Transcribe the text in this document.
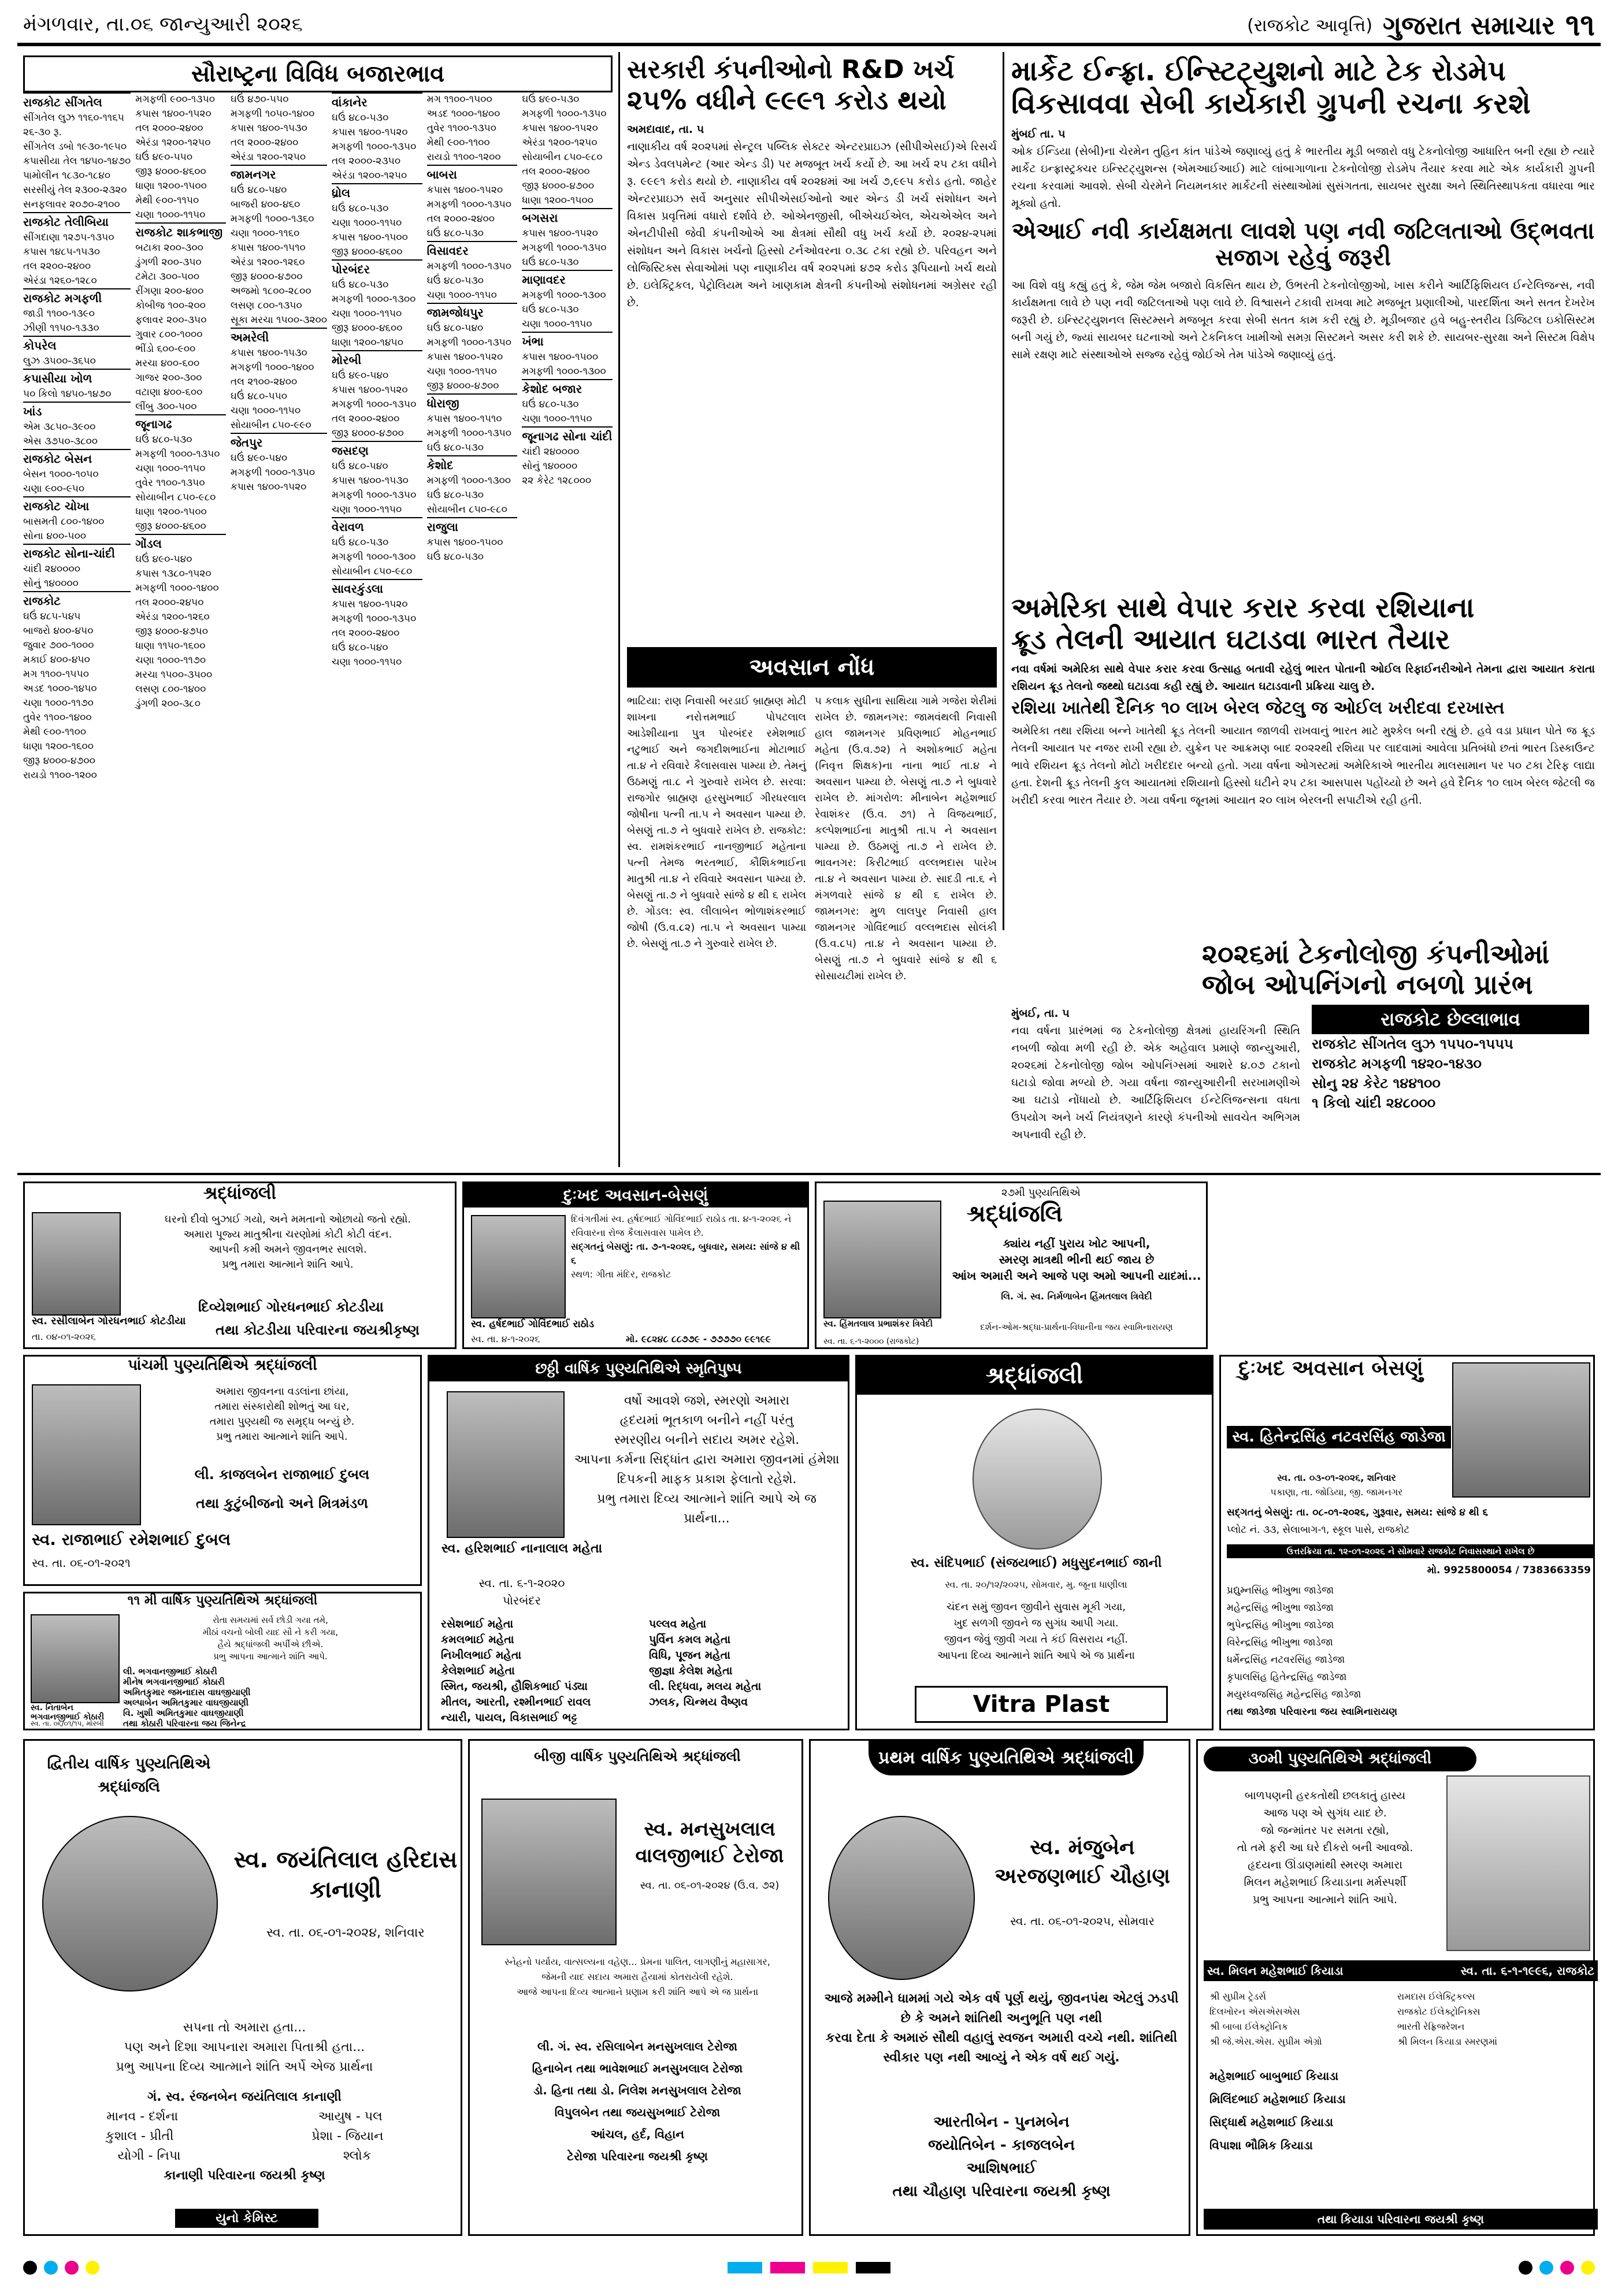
મંગળવાર, તા.૦૬ જાન્યુઆરી ૨૦૨૬	(રાજકોટ આવૃત્તિ) ગુજરાત સમાચાર ૧૧
સૌરાષ્ટ્રના વિવિધ બજારભાવ
રાજકોટ સીંગતેલ
સીંગતેલ લુઝ ૧૧૬૦-૧૧૬૫
૨૬-૩૦ રૂ.
સીંગતેલ ડબો ૧૯૩૦-૧૯૫૦
કપાસીયા તેલ ૧૪૫૦-૧૪૭૦
પામોલીન ૧૮૩૦-૧૮૪૦
સરસીયું તેલ ૨૩૦૦-૨૩૨૦
સનફલાવર ૨૦૭૦-૨૧૦૦
રાજકોટ તેલીબિયા
સીંગદાણા ૧૨૭૫-૧૩૫૦
કપાસ ૧૪૮૫-૧૫૩૦
તલ ૨૨૦૦-૨૪૦૦
એરંડા ૧૨૬૦-૧૨૮૦
રાજકોટ મગફળી
જાડી ૧૧૦૦-૧૩૯૦
ઝીણી ૧૧૫૦-૧૩૩૦
કોપરેલ
લુઝ ૩૫૦૦-૩૬૫૦
કપાસીયા ખોળ
૫૦ કિલો ૧૪૫૦-૧૪૭૦
ખાંડ
એમ ૩૮૫૦-૩૯૦૦
એસ ૩૭૫૦-૩૮૦૦
રાજકોટ બેસન
બેસન ૧૦૦૦-૧૦૫૦
ચણા ૯૦૦-૯૫૦
રાજકોટ ચોખા
બાસમતી ૮૦૦-૧૪૦૦
સોના ૪૦૦-૫૦૦
રાજકોટ સોના-ચાંદી
ચાંદી ૨૪૦૦૦૦
સોનું ૧૪૦૦૦૦
રાજકોટ
ઘઉં ૪૮૫-૫૪૫
બાજરો ૪૦૦-૪૫૦
જુવાર ૭૦૦-૧૦૦૦
મકાઈ ૪૦૦-૪૫૦
મગ ૧૧૦૦-૧૫૫૦
અડદ ૧૦૦૦-૧૪૫૦
ચણા ૧૦૦૦-૧૧૭૦
તુવેર ૧૧૦૦-૧૪૦૦
મેથી ૯૦૦-૧૧૦૦
ધાણા ૧૨૦૦-૧૬૦૦
જીરૂ ૪૦૦૦-૪૭૦૦
રાયડો ૧૧૦૦-૧૨૦૦
મગફળી ૯૦૦-૧૩૫૦
કપાસ ૧૪૦૦-૧૫૨૦
તલ ૨૦૦૦-૨૪૦૦
એરંડા ૧૨૦૦-૧૨૫૦
ઘઉં ૪૯૦-૫૫૦
જીરૂ ૪૦૦૦-૪૬૦૦
ધાણા ૧૨૦૦-૧૫૦૦
મેથી ૯૦૦-૧૧૫૦
ચણા ૧૦૦૦-૧૧૫૦
રાજકોટ શાકભાજી
બટાકા ૨૦૦-૩૦૦
ડુંગળી ૨૦૦-૩૫૦
ટમેટા ૩૦૦-૫૦૦
રીંગણા ૨૦૦-૪૦૦
કોબીજ ૧૦૦-૨૦૦
ફલાવર ૨૦૦-૩૫૦
ગુવાર ૮૦૦-૧૦૦૦
ભીંડો ૬૦૦-૯૦૦
મરચા ૪૦૦-૬૦૦
ગાજર ૨૦૦-૩૦૦
વટાણા ૪૦૦-૬૦૦
લીંબુ ૩૦૦-૫૦૦
જૂનાગઢ
ઘઉં ૪૮૦-૫૩૦
મગફળી ૧૦૦૦-૧૩૫૦
ચણા ૧૦૦૦-૧૧૫૦
તુવેર ૧૧૦૦-૧૩૫૦
સોયાબીન ૮૫૦-૯૮૦
ધાણા ૧૨૦૦-૧૫૦૦
જીરૂ ૪૦૦૦-૪૬૦૦
ગોંડલ
ઘઉં ૪૯૦-૫૪૦
કપાસ ૧૩૮૦-૧૫૨૦
મગફળી ૧૦૦૦-૧૪૦૦
તલ ૨૦૦૦-૨૪૫૦
એરંડા ૧૨૦૦-૧૨૬૦
જીરૂ ૪૦૦૦-૪૭૫૦
ધાણા ૧૧૫૦-૧૬૦૦
ચણા ૧૦૦૦-૧૧૭૦
મરચા ૧૫૦૦-૩૫૦૦
લસણ ૮૦૦-૧૪૦૦
ડુંગળી ૨૦૦-૩૮૦
ઘઉં ૪૭૦-૫૫૦
મગફળી ૧૦૫૦-૧૪૦૦
કપાસ ૧૪૦૦-૧૫૩૦
તલ ૨૦૦૦-૨૪૦૦
એરંડા ૧૨૦૦-૧૨૫૦
જામનગર
ઘઉં ૪૮૦-૫૪૦
બાજરી ૪૦૦-૪૬૦
મગફળી ૧૦૦૦-૧૩૬૦
ચણા ૧૦૦૦-૧૧૬૦
કપાસ ૧૪૦૦-૧૫૧૦
એરંડા ૧૨૦૦-૧૨૬૦
જીરૂ ૪૦૦૦-૪૭૦૦
અજમો ૧૮૦૦-૨૮૦૦
લસણ ૮૦૦-૧૩૫૦
સૂકા મરચા ૧૫૦૦-૩૨૦૦
અમરેલી
કપાસ ૧૪૦૦-૧૫૩૦
મગફળી ૧૦૦૦-૧૪૦૦
તલ ૨૧૦૦-૨૪૦૦
ઘઉં ૪૮૦-૫૫૦
ચણા ૧૦૦૦-૧૧૫૦
સોયાબીન ૮૫૦-૯૯૦
જેતપુર
ઘઉં ૪૯૦-૫૪૦
મગફળી ૧૦૦૦-૧૩૫૦
કપાસ ૧૪૦૦-૧૫૨૦
વાંકાનેર
ઘઉં ૪૮૦-૫૩૦
કપાસ ૧૪૦૦-૧૫૨૦
મગફળી ૧૦૦૦-૧૩૫૦
તલ ૨૦૦૦-૨૩૫૦
એરંડા ૧૨૦૦-૧૨૫૦
ધ્રોલ
ઘઉં ૪૮૦-૫૩૦
ચણા ૧૦૦૦-૧૧૫૦
કપાસ ૧૪૦૦-૧૫૦૦
જીરૂ ૪૦૦૦-૪૬૦૦
પોરબંદર
ઘઉં ૪૮૦-૫૩૦
મગફળી ૧૦૦૦-૧૩૦૦
ચણા ૧૦૦૦-૧૧૫૦
જીરૂ ૪૦૦૦-૪૬૦૦
ધાણા ૧૨૦૦-૧૪૫૦
મોરબી
ઘઉં ૪૯૦-૫૪૦
કપાસ ૧૪૦૦-૧૫૨૦
મગફળી ૧૦૦૦-૧૩૫૦
તલ ૨૦૦૦-૨૪૦૦
જીરૂ ૪૦૦૦-૪૭૦૦
જસદણ
ઘઉં ૪૮૦-૫૪૦
કપાસ ૧૪૦૦-૧૫૩૦
મગફળી ૧૦૦૦-૧૩૫૦
ચણા ૧૦૦૦-૧૧૫૦
વેરાવળ
ઘઉં ૪૮૦-૫૩૦
મગફળી ૧૦૦૦-૧૩૦૦
સોયાબીન ૮૫૦-૯૮૦
સાવરકુંડલા
કપાસ ૧૪૦૦-૧૫૨૦
મગફળી ૧૦૦૦-૧૩૫૦
તલ ૨૦૦૦-૨૪૦૦
ઘઉં ૪૮૦-૫૪૦
ચણા ૧૦૦૦-૧૧૫૦
મગ ૧૧૦૦-૧૫૦૦
અડદ ૧૦૦૦-૧૪૦૦
તુવેર ૧૧૦૦-૧૩૫૦
મેથી ૯૦૦-૧૧૦૦
રાયડો ૧૧૦૦-૧૨૦૦
બાબરા
કપાસ ૧૪૦૦-૧૫૨૦
મગફળી ૧૦૦૦-૧૩૫૦
તલ ૨૦૦૦-૨૪૦૦
ઘઉં ૪૮૦-૫૩૦
વિસાવદર
મગફળી ૧૦૦૦-૧૩૫૦
ઘઉં ૪૮૦-૫૩૦
ચણા ૧૦૦૦-૧૧૫૦
જામજોધપુર
ઘઉં ૪૮૦-૫૪૦
મગફળી ૧૦૦૦-૧૩૫૦
કપાસ ૧૪૦૦-૧૫૨૦
ચણા ૧૦૦૦-૧૧૫૦
જીરૂ ૪૦૦૦-૪૭૦૦
ધોરાજી
કપાસ ૧૪૦૦-૧૫૧૦
મગફળી ૧૦૦૦-૧૩૫૦
ઘઉં ૪૮૦-૫૩૦
કેશોદ
મગફળી ૧૦૦૦-૧૩૦૦
ઘઉં ૪૮૦-૫૩૦
સોયાબીન ૮૫૦-૯૮૦
રાજુલા
કપાસ ૧૪૦૦-૧૫૦૦
ઘઉં ૪૮૦-૫૩૦
ઘઉં ૪૯૦-૫૩૦
મગફળી ૧૦૦૦-૧૩૫૦
કપાસ ૧૪૦૦-૧૫૨૦
એરંડા ૧૨૦૦-૧૨૫૦
સોયાબીન ૮૫૦-૯૮૦
તલ ૨૦૦૦-૨૪૦૦
જીરૂ ૪૦૦૦-૪૭૦૦
ધાણા ૧૨૦૦-૧૫૦૦
બગસરા
કપાસ ૧૪૦૦-૧૫૨૦
મગફળી ૧૦૦૦-૧૩૫૦
ઘઉં ૪૮૦-૫૩૦
માણાવદર
મગફળી ૧૦૦૦-૧૩૦૦
ઘઉં ૪૮૦-૫૩૦
ચણા ૧૦૦૦-૧૧૫૦
ખંભા
કપાસ ૧૪૦૦-૧૫૦૦
મગફળી ૧૦૦૦-૧૩૦૦
કેશોદ બજાર
ઘઉં ૪૮૦-૫૩૦
ચણા ૧૦૦૦-૧૧૫૦
જૂનાગઢ સોના ચાંદી
ચાંદી ૨૪૦૦૦૦
સોનું ૧૪૦૦૦૦
૨૨ કેરેટ ૧૨૮૦૦૦
સરકારી કંપનીઓનો R&D ખર્ચ
૨૫% વધીને ૯૯૯૧ કરોડ થયો
અમદાવાદ, તા. ૫
નાણાકીય વર્ષ ૨૦૨૫માં સેન્ટ્રલ પબ્લિક સેક્ટર એન્ટરપ્રાઇઝ (સીપીએસઈ)એ રિસર્ચ એન્ડ ડેવલપમેન્ટ (આર એન્ડ ડી) પર મજબૂત ખર્ચ કર્યો છે. આ ખર્ચ ૨૫ ટકા વધીને રૂ. ૯૯૯૧ કરોડ થયો છે. નાણાકીય વર્ષ ૨૦૨૪માં આ ખર્ચ ૭,૯૯૫ કરોડ હતો. જાહેર એન્ટરપ્રાઇઝ સર્વે અનુસાર સીપીએસઈઓનો આર એન્ડ ડી ખર્ચ સંશોધન અને વિકાસ પ્રવૃત્તિમાં વધારો દર્શાવે છે. ઓએનજીસી, બીએચઈએલ, એચએએલ અને એનટીપીસી જેવી કંપનીઓએ આ ક્ષેત્રમાં સૌથી વધુ ખર્ચ કર્યો છે. ૨૦૨૪-૨૫માં સંશોધન અને વિકાસ ખર્ચનો હિસ્સો ટર્નઓવરના ૦.૩૮ ટકા રહ્યો છે. પરિવહન અને લોજિસ્ટિક્સ સેવાઓમાં પણ નાણાકીય વર્ષ ૨૦૨૫માં ૪૭૨ કરોડ રૂપિયાનો ખર્ચ થયો છે. ઇલેક્ટ્રિકલ, પેટ્રોલિયમ અને ખાણકામ ક્ષેત્રની કંપનીઓ સંશોધનમાં અગ્રેસર રહી છે.
માર્કેટ ઈન્ફ્રા. ઈન્સ્ટિટ્યુશનો માટે ટેક રોડમેપ
વિકસાવવા સેબી કાર્યકારી ગ્રુપની રચના કરશે
મુંબઈ તા. ૫
ઓક ઈન્ડિયા (સેબી)ના ચેરમેન તુહિન કાંત પાંડેએ જણાવ્યું હતું કે ભારતીય મૂડી બજારો વધુ ટેકનોલોજી આધારિત બની રહ્યા છે ત્યારે માર્કેટ ઇન્ફ્રાસ્ટ્રક્ચર ઇન્સ્ટિટ્યુશન્સ (એમઆઈઆઈ) માટે લાંબાગાળાના ટેકનોલોજી રોડમેપ તૈયાર કરવા માટે એક કાર્યકારી ગ્રુપની રચના કરવામાં આવશે. સેબી ચેરમેને નિયમનકાર માર્કેટની સંસ્થાઓમાં સુસંગતતા, સાયબર સુરક્ષા અને સ્થિતિસ્થાપકતા વધારવા ભાર મૂક્યો હતો.
એઆઈ નવી કાર્યક્ષમતા લાવશે પણ નવી જટિલતાઓ ઉદ્ભવતા સજાગ રહેવું જરૂરી
આ વિશે વધુ કહ્યું હતું કે, જેમ જેમ બજારો વિકસિત થાય છે, ઉભરતી ટેકનોલોજીઓ, ખાસ કરીને આર્ટિફિશિયલ ઈન્ટેલિજન્સ, નવી કાર્યક્ષમતા લાવે છે પણ નવી જટિલતાઓ પણ લાવે છે. વિશ્વાસને ટકાવી રાખવા માટે મજબૂત પ્રણાલીઓ, પારદર્શિતા અને સતત દેખરેખ જરૂરી છે. ઇન્સ્ટિટ્યુશનલ સિસ્ટમ્સને મજબૂત કરવા સેબી સતત કામ કરી રહ્યું છે. મૂડીબજાર હવે બહુ-સ્તરીય ડિજિટલ ઇકોસિસ્ટમ બની ગયું છે, જ્યાં સાયબર ઘટનાઓ અને ટેકનિકલ ખામીઓ સમગ્ર સિસ્ટમને અસર કરી શકે છે. સાયબર-સુરક્ષા અને સિસ્ટમ વિક્ષેપ સામે રક્ષણ માટે સંસ્થાઓએ સજ્જ રહેવું જોઈએ તેમ પાંડેએ જણાવ્યું હતું.
અવસાન નોંધ
ભાટિયા: રાણ નિવાસી બરડાઈ બ્રાહ્મણ મોટી શાખના નરોત્તમભાઈ પોપટલાલ આડેશીયાના પુત્ર પોરબંદર રમેશભાઈ નટુભાઈ અને જગદીશભાઈના મોટાભાઈ તા.૪ ને રવિવારે કૈલાસવાસ પામ્યા છે. તેમનું ઉઠમણું તા.૮ ને ગુરુવારે રાખેલ છે. સરવા: રાજગોર બ્રાહ્મણ હરસુખભાઈ ગીરધરલાલ જોષીના પત્ની તા.૫ ને અવસાન પામ્યા છે. બેસણું તા.૭ ને બુધવારે રાખેલ છે. રાજકોટ: સ્વ. રામશંકરભાઈ નાનજીભાઈ મહેતાના પત્ની તેમજ ભરતભાઈ, કૌશિકભાઈના માતુશ્રી તા.૪ ને રવિવારે અવસાન પામ્યા છે. બેસણું તા.૭ ને બુધવારે સાંજે ૪ થી ૬ રાખેલ છે. ગોંડલ: સ્વ. લીલાબેન ભોળાશંકરભાઈ જોષી (ઉ.વ.૮૨) તા.૫ ને અવસાન પામ્યા છે. બેસણું તા.૭ ને ગુરુવારે રાખેલ છે.
૫ કલાક સુધીના સાથિયા ગામે ગજેરા શેરીમાં રાખેલ છે. જામનગર: જામવંથલી નિવાસી હાલ જામનગર પ્રવિણભાઈ મોહનભાઈ મહેતા (ઉ.વ.૭૨) તે અશોકભાઈ મહેતા (નિવૃત્ત શિક્ષક)ના નાના ભાઈ તા.૪ ને અવસાન પામ્યા છે. બેસણું તા.૭ ને બુધવારે રાખેલ છે. માંગરોળ: મીનાબેન મહેશભાઈ રેવાશંકર (ઉ.વ. ૭૧) તે વિજયભાઈ, કલ્પેશભાઈના માતુશ્રી તા.૫ ને અવસાન પામ્યા છે. ઉઠમણું તા.૭ ને રાખેલ છે. ભાવનગર: કિરીટભાઈ વલ્લભદાસ પારેખ તા.૪ ને અવસાન પામ્યા છે. સાદડી તા.૬ ને મંગળવારે સાંજે ૪ થી ૬ રાખેલ છે. જામનગર: મુળ લાલપુર નિવાસી હાલ જામનગર ગોવિંદભાઈ વલ્લભદાસ સોલંકી (ઉ.વ.૮૫) તા.૪ ને અવસાન પામ્યા છે. બેસણું તા.૭ ને બુધવારે સાંજે ૪ થી ૬ સોસાયટીમાં રાખેલ છે.
અમેરિકા સાથે વેપાર કરાર કરવા રશિયાના
ક્રૂડ તેલની આયાત ઘટાડવા ભારત તૈયાર
નવા વર્ષમાં અમેરિકા સાથે વેપાર કરાર કરવા ઉત્સાહ બતાવી રહેલું ભારત પોતાની ઓઈલ રિફાઈનરીઓને તેમના દ્વારા આયાત કરાતા રશિયન ક્રૂડ તેલનો જથ્થો ઘટાડવા કહી રહ્યું છે. આયાત ઘટાડવાની પ્રક્રિયા ચાલુ છે.
રશિયા ખાતેથી દૈનિક ૧૦ લાખ બેરલ જેટલુ જ ઓઈલ ખરીદવા દરખાસ્ત
અમેરિકા તથા રશિયા બન્ને ખાતેથી ક્રૂડ તેલની આયાત જાળવી રાખવાનું ભારત માટે મુશ્કેલ બની રહ્યું છે. હવે વડા પ્રધાન પોતે જ ક્રૂડ તેલની આયાત પર નજર રાખી રહ્યા છે. યુક્રેન પર આક્રમણ બાદ ૨૦૨૨થી રશિયા પર લાદવામાં આવેલા પ્રતિબંધો છતાં ભારત ડિસ્કાઉન્ટ ભાવે રશિયન ક્રૂડ તેલનો મોટો ખરીદદાર બન્યો હતો. ગયા વર્ષના ઓગસ્ટમાં અમેરિકાએ ભારતીય માલસામાન પર ૫૦ ટકા ટેરિફ લાદ્યા હતા. દેશની ક્રૂડ તેલની કુલ આયાતમાં રશિયાનો હિસ્સો ઘટીને ૨૫ ટકા આસપાસ પહોંચ્યો છે અને હવે દૈનિક ૧૦ લાખ બેરલ જેટલી જ ખરીદી કરવા ભારત તૈયાર છે. ગયા વર્ષના જૂનમાં આયાત ૨૦ લાખ બેરલની સપાટીએ રહી હતી.
૨૦૨૬માં ટેકનોલોજી કંપનીઓમાં
જોબ ઓપનિંગનો નબળો પ્રારંભ
મુંબઈ, તા. ૫
નવા વર્ષના પ્રારંભમાં જ ટેકનોલોજી ક્ષેત્રમાં હાયરિંગની સ્થિતિ નબળી જોવા મળી રહી છે. એક અહેવાલ પ્રમાણે જાન્યુઆરી, ૨૦૨૬માં ટેકનોલોજી જોબ ઓપનિંગ્સમાં આશરે ૪.૦૭ ટકાનો ઘટાડો જોવા મળ્યો છે. ગયા વર્ષના જાન્યુઆરીની સરખામણીએ આ ઘટાડો નોંધાયો છે. આર્ટિફિશિયલ ઈન્ટેલિજન્સના વધતા ઉપયોગ અને ખર્ચ નિયંત્રણને કારણે કંપનીઓ સાવચેત અભિગમ અપનાવી રહી છે.
રાજકોટ છેલ્લાભાવ
રાજકોટ સીંગતેલ લુઝ ૧૫૫૦-૧૫૫૫
રાજકોટ મગફળી ૧૪૨૦-૧૪૩૦
સોનુ ૨૪ કેરેટ ૧૪૪૧૦૦
૧ કિલો ચાંદી ૨૪૮૦૦૦
શ્રદ્ધાંજલી
ઘરનો દીવો બુઝાઈ ગયો, અને મમતાનો ઓછાયો જતો રહ્યો.
અમારા પૂજ્ય માતુશ્રીના ચરણોમાં કોટી કોટી વંદન.
આપની કમી અમને જીવનભર સાલશે.
પ્રભુ તમારા આત્માને શાંતિ આપે.
સ્વ. રસીલાબેન ગોરધનભાઈ કોટડીયા
તા. ૦૪-૦૧-૨૦૨૬
દિવ્યેશભાઈ ગોરધનભાઈ કોટડીયા
તથા કોટડીયા પરિવારના જયશ્રીકૃષ્ણ
દુઃખદ અવસાન-બેસણું
દિવંગતીમાં સ્વ. હર્ષદભાઈ ગોવિંદભાઈ રાઠોડ તા. ૪-૧-૨૦૨૬ ને રવિવારના રોજ કૈલાસવાસ પામેલ છે.
સદ્ગતનું બેસણું: તા. ૭-૧-૨૦૨૬, બુધવાર, સમય: સાંજે ૪ થી ૬
સ્થળ: ગીતા મંદિર, રાજકોટ
સ્વ. હર્ષદભાઈ ગોવિંદભાઈ રાઠોડ
સ્વ. તા. ૪-૧-૨૦૨૬	મો. ૯૮૨૪૮ ૮૮૭૭૯ - ૭૭૭૭૦ ૯૯૧૯૯
૨૭મી પુણ્યતિથિએ
શ્રદ્ધાંજલિ
ક્યાંય નહીં પુરાય ખોટ આપની,
સ્મરણ માત્રથી ભીની થઈ જાય છે
આંખ અમારી અને આજે પણ અમો આપની યાદમાં...
લિ. ગં. સ્વ. નિર્મળાબેન હિંમતલાલ ત્રિવેદી
દર્શન-ઓમ-શ્રદ્ધા-પ્રાર્થના-વિધાનીના જય સ્વામિનારાયણ
સ્વ. હિંમતલાલ પ્રભાશંકર ત્રિવેદી
સ્વ. તા. ૬-૧-૨૦૦૦ (રાજકોટ)
પાંચમી પુણ્યતિથિએ શ્રદ્ધાંજલી
અમારા જીવનના વડલાંના છાંયા,
તમારા સંસ્કારોથી શોભતું આ ઘર,
તમારા પુણ્યથી જ સમૃદ્ધ બન્યું છે.
પ્રભુ તમારા આત્માને શાંતિ આપે.
લી. કાજલબેન રાજાભાઈ દુબલ
તથા કુટુંબીજનો અને મિત્રમંડળ
સ્વ. રાજાભાઈ રમેશભાઈ દુબલ
સ્વ. તા. ૦૬-૦૧-૨૦૨૧
છઠ્ઠી વાર્ષિક પુણ્યતિથિએ સ્મૃતિપુષ્પ
વર્ષો આવશે જશે, સ્મરણો અમારા
હૃદયમાં ભૂતકાળ બનીને નહીં પરંતુ
સ્મરણીય બનીને સદાય અમર રહેશે.
આપના કર્મના સિદ્ધાંત દ્વારા અમારા જીવનમાં હંમેશા
દિપકની માફક પ્રકાશ ફેલાતો રહેશે.
પ્રભુ તમારા દિવ્ય આત્માને શાંતિ આપે એ જ પ્રાર્થના...
સ્વ. હરિશભાઈ નાનાલાલ મહેતા
સ્વ. તા. ૬-૧-૨૦૨૦
પોરબંદર
રસેશભાઈ મહેતા
કમલભાઈ મહેતા
નિખીલભાઈ મહેતા
કેલેશભાઈ મહેતા
સ્મિત, જયશ્રી, હૌશિકભાઈ પંડ્યા
મીતલ, આરતી, રશ્મીનભાઈ રાવલ
ન્યારી, પાયલ, વિકાસભાઈ ભટ્ટ
પલ્લવ મહેતા
પુર્વિન કમલ મહેતા
વિધિ, પૂજન મહેતા
જીજ્ઞા કેલેશ મહેતા
લી. રિદ્ધવા, મલય મહેતા
ઝલક, ચિન્મય વૈષ્ણવ
શ્રદ્ધાંજલી
સ્વ. સંદિપભાઈ (સંજયભાઈ) મધુસુદનભાઈ જાની
સ્વ. તા. ૨૦/૧૨/૨૦૨૫, સોમવાર, મુ. જૂના ધાણીલા
ચંદન સમું જીવન જીવીને સુવાસ મૂકી ગયા,
ખુદ સળગી જીવને જ સુગંધ આપી ગયા.
જીવન જેવું જીવી ગયા તે કંઈ વિસરાય નહીં.
આપના દિવ્ય આત્માને શાંતિ આપે એ જ પ્રાર્થના
Vitra Plast
દુઃખદ અવસાન બેસણું
સ્વ. હિતેન્દ્રસિંહ નટવરસિંહ જાડેજા
સ્વ. તા. ૦૩-૦૧-૨૦૨૬, શનિવાર
પકાણા, તા. જોડિયા, જી. જામનગર
સદ્ગતનું બેસણું: તા. ૦૮-૦૧-૨૦૨૬, ગુરૂવાર, સમય: સાંજે ૪ થી ૬
પ્લોટ નં. ૩૩, સેલાબાગ-૧, સ્કૂલ પાસે, રાજકોટ
ઉત્તરક્રિયા તા. ૧૨-૦૧-૨૦૨૬ ને સોમવારે રાજકોટ નિવાસસ્થાને રાખેલ છે
મો. 9925800054 / 7383663359
પ્રદ્યુમ્નસિંહ ભીખુભા જાડેજા
મહેન્દ્રસિંહ ભીખુભા જાડેજા
ભુપેન્દ્રસિંહ ભીખુભા જાડેજા
વિરેન્દ્રસિંહ ભીખુભા જાડેજા
ધર્મેન્દ્રસિંહ નટવરસિંહ જાડેજા
કૃપાલસિંહ હિતેન્દ્રસિંહ જાડેજા
મયુરધ્વજસિંહ મહેન્દ્રસિંહ જાડેજા
તથા જાડેજા પરિવારના જય સ્વામિનારાયણ
૧૧ મી વાર્ષિક પુણ્યતિથિએ શ્રદ્ધાંજલી
રોતા સમયમાં સર્વ છોડી ગયા તમે,
મીઠાં વચનો બોલી યાદ સૌ ને કરી ગયા,
હૈયે શ્રદ્ધાંજલી અર્પીએ છીએ.
પ્રભુ આપના આત્માને શાંતિ આપે.
લી. ભગવાનજીભાઈ કોઠારી
મીનેષ ભગવાનજીભાઈ કોઠારી
અમિતકુમાર જમનાદાસ વાઘજીયાણી
અલ્પાબેન અમિતકુમાર વાઘજીયાણી
વિ. ખુશી અમિતકુમાર વાઘજીયાણી
તથા કોઠારી પરિવારના જય જિનેન્દ્ર
સ્વ. નિતાબેન ભગવાનજીભાઈ કોઠારી
સ્વ. તા. ૦૬/૦૧/૧૫, મોરબી
દ્વિતીય વાર્ષિક પુણ્યતિથિએ શ્રદ્ધાંજલિ
સ્વ. જયંતિલાલ હરિદાસ કાનાણી
સ્વ. તા. ૦૬-૦૧-૨૦૨૪, શનિવાર
સપના તો અમારા હતા...
પણ અને દિશા આપનારા અમારા પિતાશ્રી હતા...
પ્રભુ આપના દિવ્ય આત્માને શાંતિ અર્પે એજ પ્રાર્થના
ગં. સ્વ. રંજનબેન જયંતિલાલ કાનાણી
માનવ - દર્શના	આયુષ - પલ
કુશાલ - પ્રીતી	પ્રેશા - જિયાન
યોગી - નિપા	શ્લોક
કાનાણી પરિવારના જયશ્રી કૃષ્ણ
યુનો કેમિસ્ટ
બીજી વાર્ષિક પુણ્યતિથિએ શ્રદ્ધાંજલી
સ્વ. મનસુખલાલ વાલજીભાઈ ટેરોજા
સ્વ. તા. ૦૬-૦૧-૨૦૨૪ (ઉ.વ. ૭૨)
સ્નેહનો પર્યાય, વાત્સલ્યના વહેણ... પ્રેમના પાલિત, લાગણીનું મહાસાગર,
જેમની યાદ સદાય અમારા હૈયામાં કોતરાયેલી રહેશે.
આજે આપના દિવ્ય આત્માને પ્રણામ કરી શાંતિ આપે એ જ પ્રાર્થના
લી. ગં. સ્વ. રસિલાબેન મનસુખલાલ ટેરોજા
હિનાબેન તથા ભાવેશભાઈ મનસુખલાલ ટેરોજા
ડો. હિના તથા ડો. નિલેશ મનસુખલાલ ટેરોજા
વિપુલબેન તથા જયસુખભાઈ ટેરોજા
આંચલ, હર્દ, વિહાન
ટેરોજા પરિવારના જયશ્રી કૃષ્ણ
પ્રથમ વાર્ષિક પુણ્યતિથિએ શ્રદ્ધાંજલી
સ્વ. મંજુબેન અરજણભાઈ ચૌહાણ
સ્વ. તા. ૦૬-૦૧-૨૦૨૫, સોમવાર
આજે મમ્મીને ધામમાં ગયે એક વર્ષ પૂર્ણ થયું, જીવનપંથ એટલું ઝડપી છે કે અમને શાંતિથી અનુભૂતિ પણ નથી
કરવા દેતા કે અમારું સૌથી વહાલું સ્વજન અમારી વચ્ચે નથી. શાંતિથી સ્વીકાર પણ નથી આવ્યું ને એક વર્ષ થઈ ગયું.
આરતીબેન - પુનમબેન
જયોતિબેન - કાજલબેન
આશિષભાઈ
તથા ચૌહાણ પરિવારના જયશ્રી કૃષ્ણ
૩૦મી પુણ્યતિથિએ શ્રદ્ધાંજલી
બાળપણની હરકતોથી છલકાતું હાસ્ય
આજ પણ એ સુગંધ યાદ છે.
જો જન્માંતર પર સમતા રહ્યો,
તો તમે ફરી આ ઘરે દીકરો બની આવજો.
હૃદયના ઊંડાણમાંથી સ્મરણ અમારા
મિલન મહેશભાઈ કિયાડાના મર્મસ્પર્શી
પ્રભુ આપના આત્માને શાંતિ આપે.
સ્વ. મિલન મહેશભાઈ કિયાડા	સ્વ. તા. ૬-૧-૧૯૯૬, રાજકોટ
શ્રી સુપ્રીમ ટ્રેડર્સ	રામદાસ ઈલેક્ટ્રિકલ્સ
દિલખોરન એસએસએસ	રાજકોટ ઈલેક્ટ્રોનિક્સ
શ્રી બાબા ઈલેક્ટ્રોનિક	ભારતી રેફ્રિજરેશન
શ્રી જે.એસ.એસ. સુપ્રીમ એગ્રો	શ્રી મિલન કિયાડા સ્મરણમાં
મહેશભાઈ બાબુભાઈ કિયાડા
મિલિંદભાઈ મહેશભાઈ કિયાડા
સિદ્ધાર્થ મહેશભાઈ કિયાડા
વિપાશા ભૌમિક કિયાડા
તથા કિયાડા પરિવારના જયશ્રી કૃષ્ણ
